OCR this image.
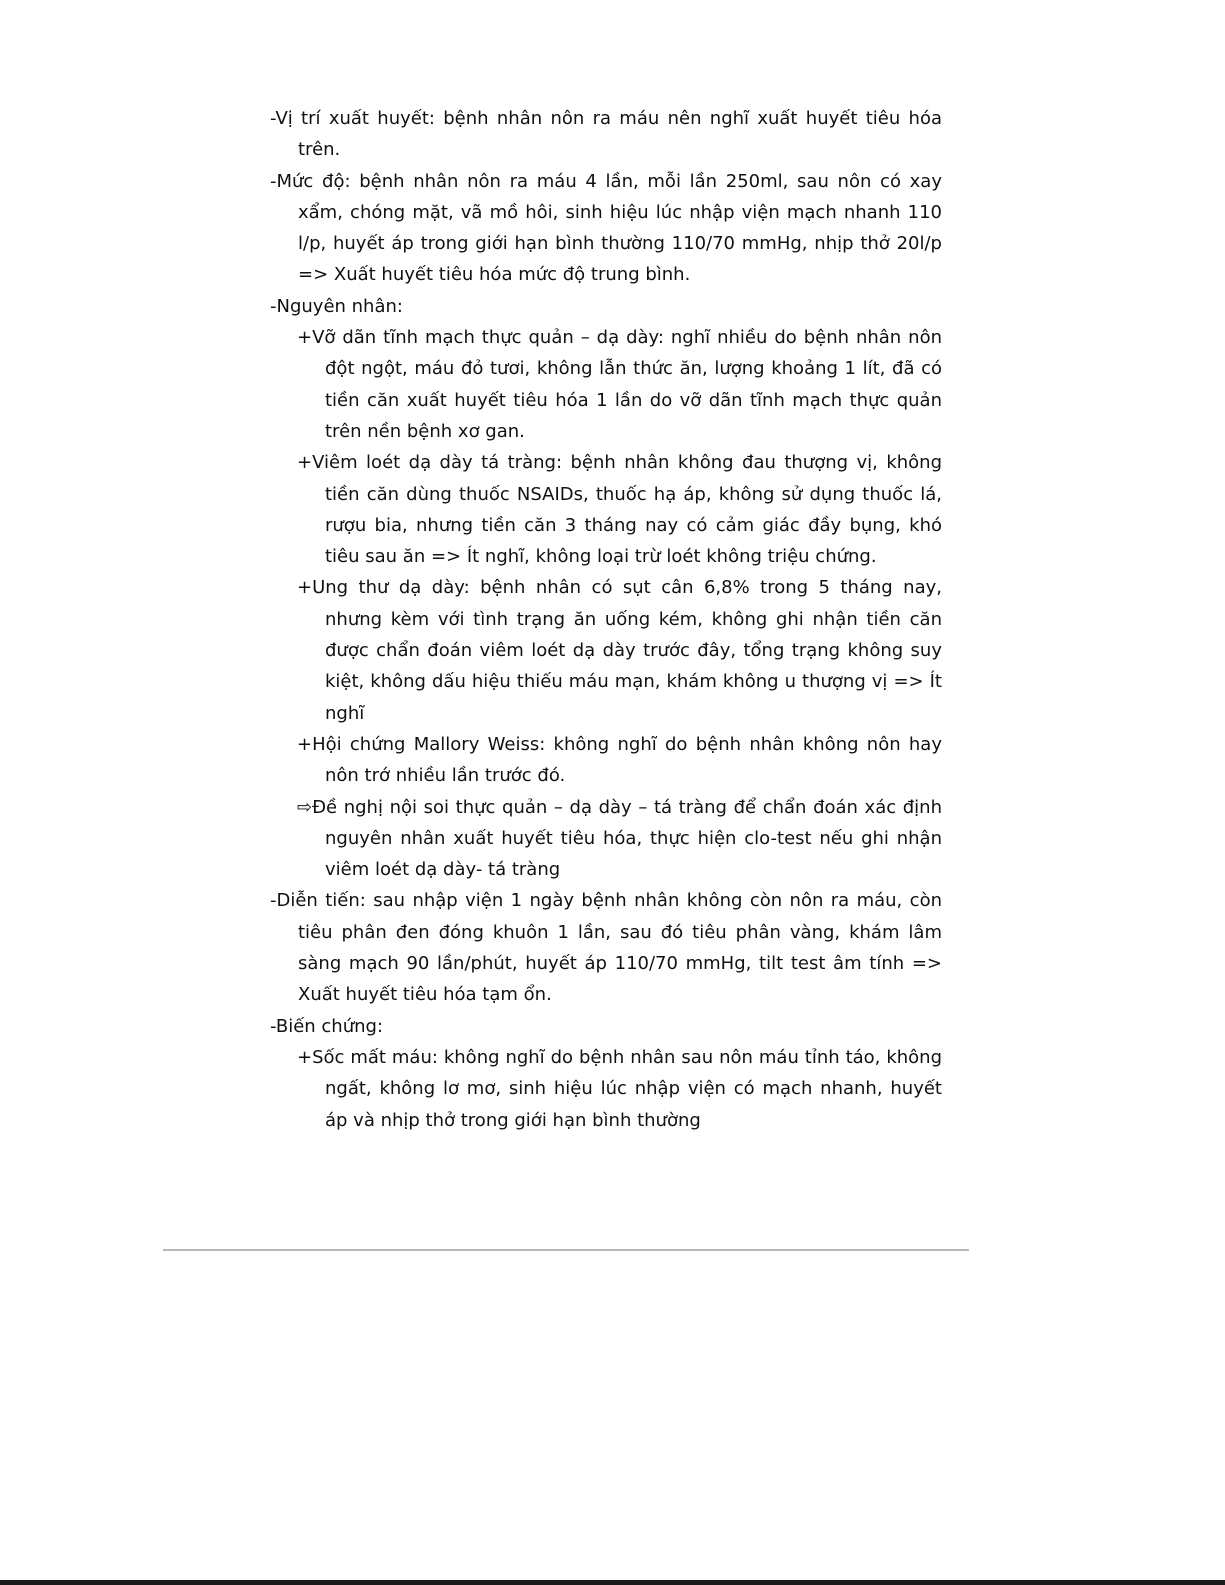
-Vị trí xuất huyết: bệnh nhân nôn ra máu nên nghĩ xuất huyết tiêu hóa trên.

-Mức độ: bệnh nhân nôn ra máu 4 lần, mỗi lần 250ml, sau nôn có xay xẩm, chóng mặt, vã mồ hôi, sinh hiệu lúc nhập viện mạch nhanh 110 l/p, huyết áp trong giới hạn bình thường 110/70 mmHg, nhịp thở 20l/p => Xuất huyết tiêu hóa mức độ trung bình.

-Nguyên nhân:

+Vỡ dãn tĩnh mạch thực quản – dạ dày: nghĩ nhiều do bệnh nhân nôn đột ngột, máu đỏ tươi, không lẫn thức ăn, lượng khoảng 1 lít, đã có tiền căn xuất huyết tiêu hóa 1 lần do vỡ dãn tĩnh mạch thực quản trên nền bệnh xơ gan.

+Viêm loét dạ dày tá tràng: bệnh nhân không đau thượng vị, không tiền căn dùng thuốc NSAIDs, thuốc hạ áp, không sử dụng thuốc lá, rượu bia, nhưng tiền căn 3 tháng nay có cảm giác đầy bụng, khó tiêu sau ăn => Ít nghĩ, không loại trừ loét không triệu chứng.

+Ung thư dạ dày: bệnh nhân có sụt cân 6,8% trong 5 tháng nay, nhưng kèm với tình trạng ăn uống kém, không ghi nhận tiền căn được chẩn đoán viêm loét dạ dày trước đây, tổng trạng không suy kiệt, không dấu hiệu thiếu máu mạn, khám không u thượng vị => Ít nghĩ

+Hội chứng Mallory Weiss: không nghĩ do bệnh nhân không nôn hay nôn trớ nhiều lần trước đó.

⇨Đề nghị nội soi thực quản – dạ dày – tá tràng để chẩn đoán xác định nguyên nhân xuất huyết tiêu hóa, thực hiện clo-test nếu ghi nhận viêm loét dạ dày- tá tràng

-Diễn tiến: sau nhập viện 1 ngày bệnh nhân không còn nôn ra máu, còn tiêu phân đen đóng khuôn 1 lần, sau đó tiêu phân vàng, khám lâm sàng mạch 90 lần/phút, huyết áp 110/70 mmHg, tilt test âm tính => Xuất huyết tiêu hóa tạm ổn.

-Biến chứng:

+Sốc mất máu: không nghĩ do bệnh nhân sau nôn máu tỉnh táo, không ngất, không lơ mơ, sinh hiệu lúc nhập viện có mạch nhanh, huyết áp và nhịp thở trong giới hạn bình thường
